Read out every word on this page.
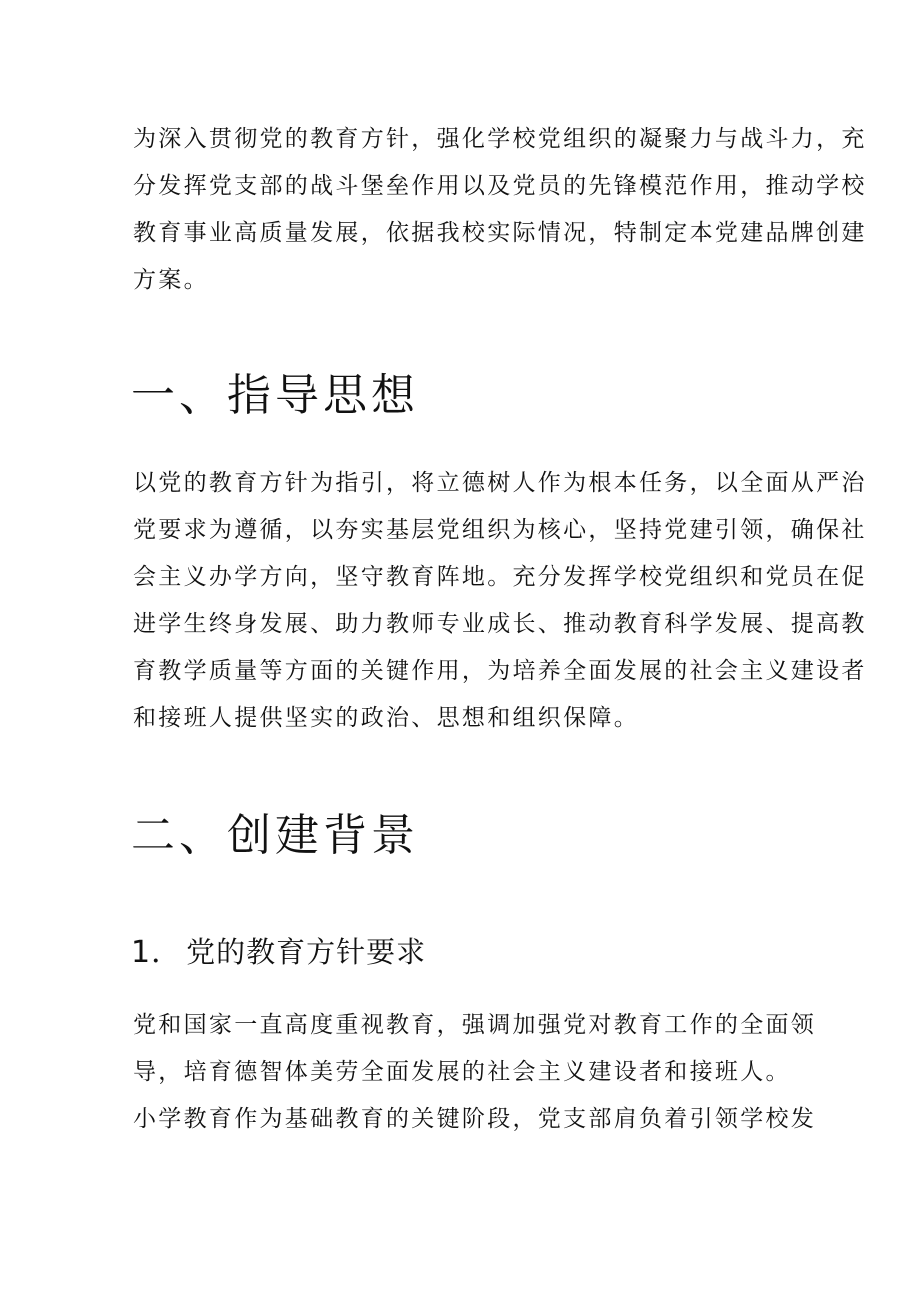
为深入贯彻党的教育方针，强化学校党组织的凝聚力与战斗力，充
分发挥党支部的战斗堡垒作用以及党员的先锋模范作用，推动学校
教育事业高质量发展，依据我校实际情况，特制定本党建品牌创建
方案。

一、指导思想

以党的教育方针为指引，将立德树人作为根本任务，以全面从严治
党要求为遵循，以夯实基层党组织为核心，坚持党建引领，确保社
会主义办学方向，坚守教育阵地。充分发挥学校党组织和党员在促
进学生终身发展、助力教师专业成长、推动教育科学发展、提高教
育教学质量等方面的关键作用，为培养全面发展的社会主义建设者
和接班人提供坚实的政治、思想和组织保障。

二、创建背景
1． 党的教育方针要求

党和国家一直高度重视教育，强调加强党对教育工作的全面领
导，培育德智体美劳全面发展的社会主义建设者和接班人。
小学教育作为基础教育的关键阶段，党支部肩负着引领学校发
